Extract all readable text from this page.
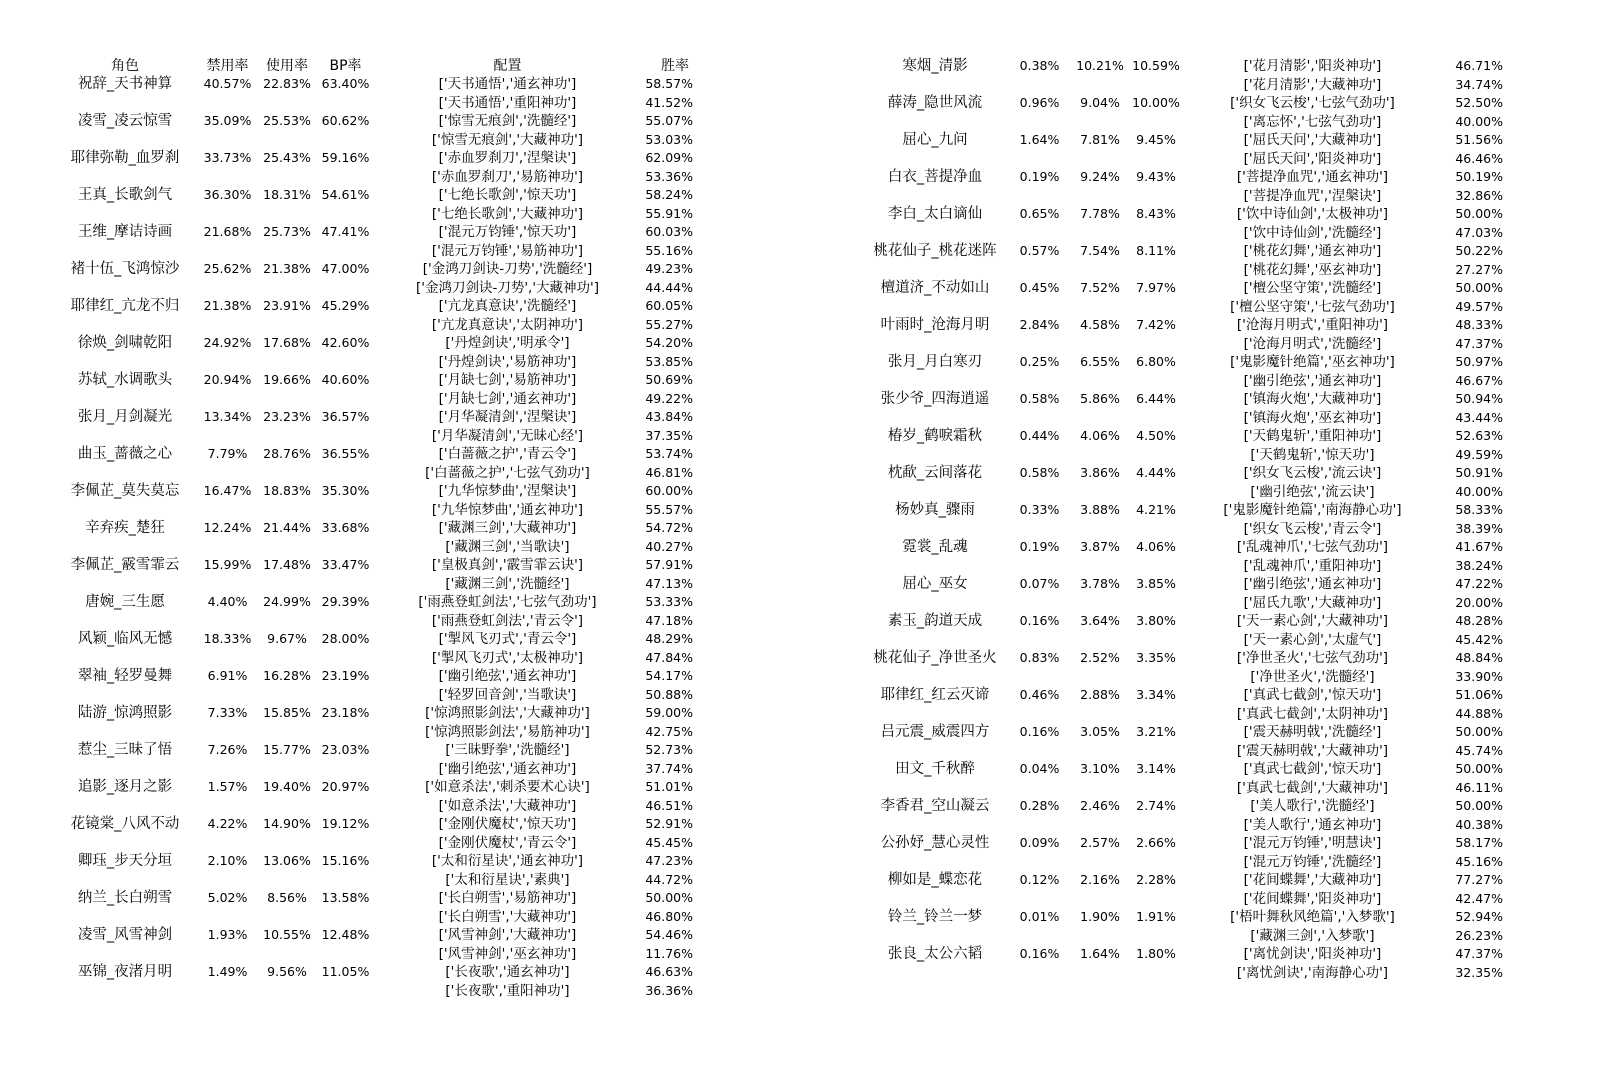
角色	禁用率	使用率	BP率	配置	胜率
祝辞_天书神算	40.57% 22.83% 63.40%	['天书通悟','通玄神功']	58.57%
['天书通悟','重阳神功']	41.52%
凌雪_凌云惊雪	35.09% 25.53% 60.62%	['惊雪无痕剑','洗髓经']	55.07%
['惊雪无痕剑','大藏神功']	53.03%
耶律弥勒_血罗刹	33.73% 25.43% 59.16%	['赤血罗刹刀','涅槃诀']	62.09%
['赤血罗刹刀','易筋神功']	53.36%
王真_长歌剑气	36.30% 18.31% 54.61%	['七绝长歌剑','惊天功']	58.24%
['七绝长歌剑','大藏神功']	55.91%
王维_摩诘诗画	21.68% 25.73% 47.41%	['混元万钧锤','惊天功']	60.03%
['混元万钧锤','易筋神功']	55.16%
褚十伍_飞鸿惊沙	25.62% 21.38% 47.00%	['金鸿刀剑诀-刀势','洗髓经']	49.23%
['金鸿刀剑诀-刀势','大藏神功']	44.44%
耶律红_亢龙不归	21.38% 23.91% 45.29%	['亢龙真意诀','洗髓经']	60.05%
['亢龙真意诀','太阴神功']	55.27%
徐焕_剑啸乾阳	24.92% 17.68% 42.60%	['丹煌剑诀','明承令']	54.20%
['丹煌剑诀','易筋神功']	53.85%
苏轼_水调歌头	20.94% 19.66% 40.60%	['月缺七剑','易筋神功']	50.69%
['月缺七剑','通玄神功']	49.22%
张月_月剑凝光	13.34% 23.23% 36.57%	['月华凝清剑','涅槃诀']	43.84%
['月华凝清剑','无昧心经']	37.35%
曲玉_蔷薇之心	7.79%	28.76% 36.55%	['白蔷薇之护','青云令']	53.74%
['白蔷薇之护','七弦气劲功']	46.81%
李佩芷_莫失莫忘	16.47% 18.83% 35.30%	['九华惊梦曲','涅槃诀']	60.00%
['九华惊梦曲','通玄神功']	55.57%
辛弃疾_楚狂	12.24% 21.44% 33.68%	['藏渊三剑','大藏神功']	54.72%
['藏渊三剑','当歌诀']	40.27%
李佩芷_霰雪霏云	15.99% 17.48% 33.47%	['皇极真剑','霰雪霏云诀']	57.91%
['藏渊三剑','洗髓经']	47.13%
唐婉_三生愿	4.40%	24.99% 29.39%	['雨燕登虹剑法','七弦气劲功']	53.33%
['雨燕登虹剑法','青云令']	47.18%
风颖_临风无憾	18.33%	9.67%	28.00%	['掣风飞刃式','青云令']	48.29%
['掣风飞刃式','太极神功']	47.84%
翠袖_轻罗曼舞	6.91%	16.28% 23.19%	['幽引绝弦','通玄神功']	54.17%
['轻罗回音剑','当歌诀']	50.88%
陆游_惊鸿照影	7.33%	15.85% 23.18%	['惊鸿照影剑法','大藏神功']	59.00%
['惊鸿照影剑法','易筋神功']	42.75%
惹尘_三昧了悟	7.26%	15.77% 23.03%	['三昧野拳','洗髓经']	52.73%
['幽引绝弦','通玄神功']	37.74%
追影_逐月之影	1.57%	19.40% 20.97%	['如意杀法','刺杀要术心诀']	51.01%
['如意杀法','大藏神功']	46.51%
花镜棠_八风不动	4.22%	14.90% 19.12%	['金刚伏魔杖','惊天功']	52.91%
['金刚伏魔杖','青云令']	45.45%
卿珏_步天分垣	2.10%	13.06% 15.16%	['太和衍星诀','通玄神功']	47.23%
['太和衍星诀','素典']	44.72%
纳兰_长白朔雪	5.02%	8.56%	13.58%	['长白朔雪','易筋神功']	50.00%
['长白朔雪','大藏神功']	46.80%
凌雪_风雪神剑	1.93%	10.55% 12.48%	['风雪神剑','大藏神功']	54.46%
['风雪神剑','巫玄神功']	11.76%
巫锦_夜渚月明	1.49%	9.56%	11.05%	['长夜歌','通玄神功']	46.63%
['长夜歌','重阳神功']	36.36%
寒烟_清影	0.38%	10.21% 10.59%	['花月清影','阳炎神功']	46.71%
['花月清影','大藏神功']	34.74%
薛涛_隐世风流	0.96%	9.04% 10.00%	['织女飞云梭','七弦气劲功']	52.50%
['离忘怀','七弦气劲功']	40.00%
屈心_九问	1.64%	7.81%	9.45%	['屈氏天问','大藏神功']	51.56%
['屈氏天问','阳炎神功']	46.46%
白衣_菩提净血	0.19%	9.24%	9.43%	['菩提净血咒','通玄神功']	50.19%
['菩提净血咒','涅槃诀']	32.86%
李白_太白谪仙	0.65%	7.78%	8.43%	['饮中诗仙剑','太极神功']	50.00%
['饮中诗仙剑','洗髓经']	47.03%
桃花仙子_桃花迷阵	0.57%	7.54%	8.11%	['桃花幻舞','通玄神功']	50.22%
['桃花幻舞','巫玄神功']	27.27%
檀道济_不动如山	0.45%	7.52%	7.97%	['檀公坚守策','洗髓经']	50.00%
['檀公坚守策','七弦气劲功']	49.57%
叶雨时_沧海月明	2.84%	4.58%	7.42%	['沧海月明式','重阳神功']	48.33%
['沧海月明式','洗髓经']	47.37%
张月_月白寒刃	0.25%	6.55%	6.80%	['鬼影魔针绝篇','巫玄神功']	50.97%
['幽引绝弦','通玄神功']	46.67%
张少爷_四海逍遥	0.58%	5.86%	6.44%	['镇海火炮','大藏神功']	50.94%
['镇海火炮','巫玄神功']	43.44%
椿岁_鹤唳霜秋	0.44%	4.06%	4.50%	['天鹤鬼斩','重阳神功']	52.63%
['天鹤鬼斩','惊天功']	49.59%
枕歃_云间落花	0.58%	3.86%	4.44%	['织女飞云梭','流云诀']	50.91%
['幽引绝弦','流云诀']	40.00%
杨妙真_骤雨	0.33%	3.88%	4.21%	['鬼影魔针绝篇','南海静心功']	58.33%
['织女飞云梭','青云令']	38.39%
霓裳_乱魂	0.19%	3.87%	4.06%	['乱魂神爪','七弦气劲功']	41.67%
['乱魂神爪','重阳神功']	38.24%
屈心_巫女	0.07%	3.78%	3.85%	['幽引绝弦','通玄神功']	47.22%
['屈氏九歌','大藏神功']	20.00%
素玉_韵道天成	0.16%	3.64%	3.80%	['天一素心剑','大藏神功']	48.28%
['天一素心剑','太虚气']	45.42%
桃花仙子_净世圣火	0.83%	2.52%	3.35%	['净世圣火','七弦气劲功']	48.84%
['净世圣火','洗髓经']	33.90%
耶律红_红云灭谛	0.46%	2.88%	3.34%	['真武七截剑','惊天功']	51.06%
['真武七截剑','太阴神功']	44.88%
吕元震_威震四方	0.16%	3.05%	3.21%	['震天赫明戟','洗髓经']	50.00%
['震天赫明戟','大藏神功']	45.74%
田文_千秋醉	0.04%	3.10%	3.14%	['真武七截剑','惊天功']	50.00%
['真武七截剑','大藏神功']	46.11%
李香君_空山凝云	0.28%	2.46%	2.74%	['美人歌行','洗髓经']	50.00%
['美人歌行','通玄神功']	40.38%
公孙妤_慧心灵性	0.09%	2.57%	2.66%	['混元万钧锤','明慧诀']	58.17%
['混元万钧锤','洗髓经']	45.16%
柳如是_蝶恋花	0.12%	2.16%	2.28%	['花间蝶舞','大藏神功']	77.27%
['花间蝶舞','阳炎神功']	42.47%
铃兰_铃兰一梦	0.01%	1.90%	1.91%	['梧叶舞秋风绝篇','入梦歌']	52.94%
['藏渊三剑','入梦歌']	26.23%
张良_太公六韬	0.16%	1.64%	1.80%	['离忧剑诀','阳炎神功']	47.37%
['离忧剑诀','南海静心功']	32.35%
